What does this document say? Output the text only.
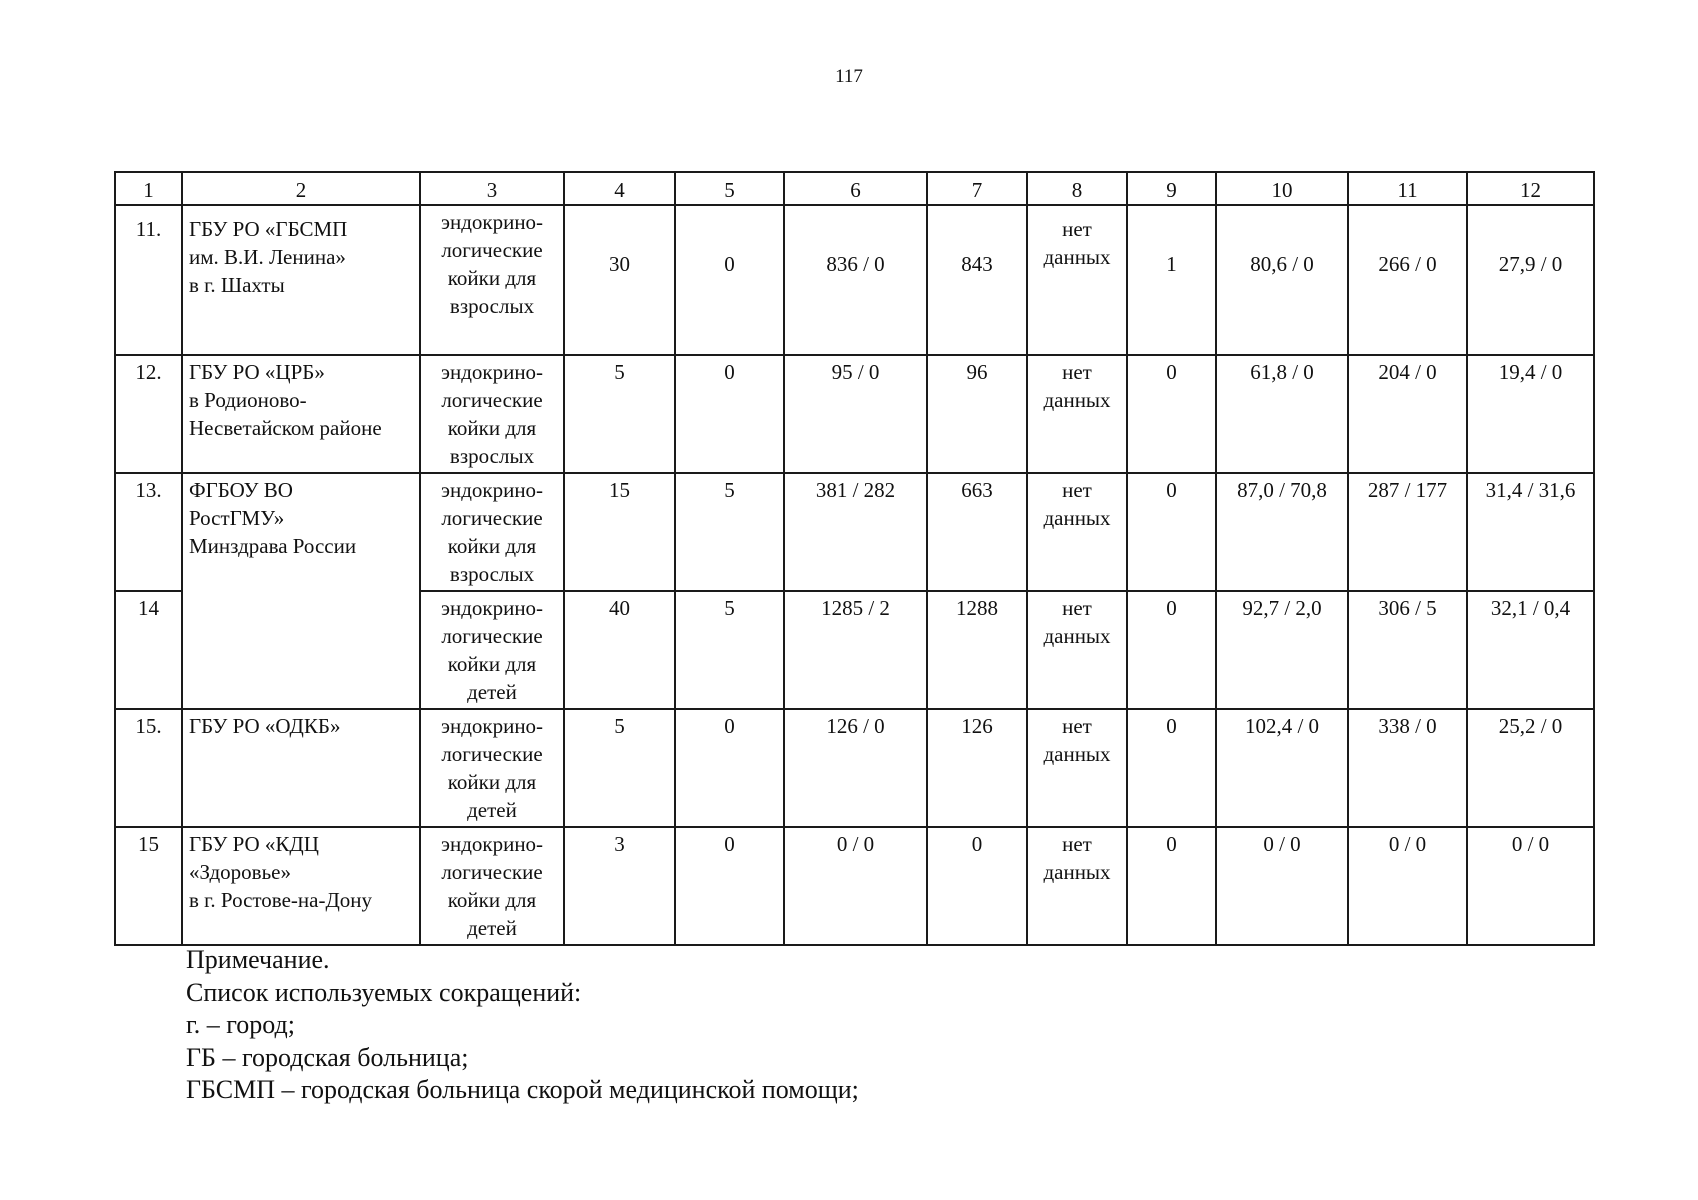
117
1	2	3	4	5	6	7	8	9	10	11	12
11.	ГБУ РО «ГБСМП
им. В.И. Ленина»
в г. Шахты	эндокрино-
логические
койки для
взрослых	30	0	836 / 0	843	нет
данных	1	80,6 / 0	266 / 0	27,9 / 0
12.	ГБУ РО «ЦРБ»
в Родионово-
Несветайском районе	эндокрино-
логические
койки для
взрослых	5	0	95 / 0	96	нет
данных	0	61,8 / 0	204 / 0	19,4 / 0
13.	ФГБОУ ВО
РостГМУ»
Минздрава России	эндокрино-
логические
койки для
взрослых	15	5	381 / 282	663	нет
данных	0	87,0 / 70,8	287 / 177	31,4 / 31,6
14		эндокрино-
логические
койки для
детей	40	5	1285 / 2	1288	нет
данных	0	92,7 / 2,0	306 / 5	32,1 / 0,4
15.	ГБУ РО «ОДКБ»	эндокрино-
логические
койки для
детей	5	0	126 / 0	126	нет
данных	0	102,4 / 0	338 / 0	25,2 / 0
15	ГБУ РО «КДЦ
«Здоровье»
в г. Ростове-на-Дону	эндокрино-
логические
койки для
детей	3	0	0 / 0	0	нет
данных	0	0 / 0	0 / 0	0 / 0
Примечание.
Список используемых сокращений:
г. – город;
ГБ – городская больница;
ГБСМП – городская больница скорой медицинской помощи;
